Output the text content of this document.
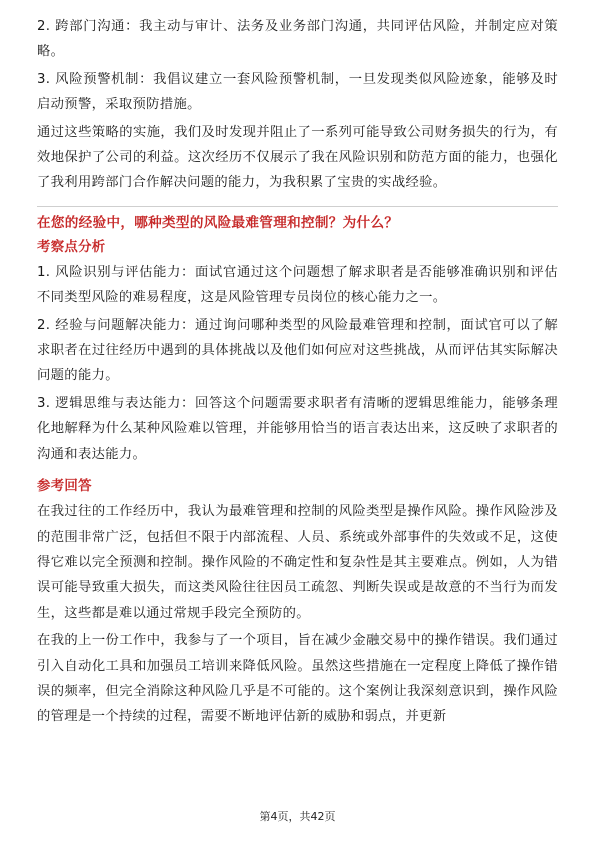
2. 跨部门沟通：我主动与审计、法务及业务部门沟通，共同评估风险，并制定应对策略。

3. 风险预警机制：我倡议建立一套风险预警机制，一旦发现类似风险迹象，能够及时启动预警，采取预防措施。

通过这些策略的实施，我们及时发现并阻止了一系列可能导致公司财务损失的行为，有效地保护了公司的利益。这次经历不仅展示了我在风险识别和防范方面的能力，也强化了我利用跨部门合作解决问题的能力，为我积累了宝贵的实战经验。

在您的经验中，哪种类型的风险最难管理和控制？为什么？
考察点分析

1. 风险识别与评估能力：面试官通过这个问题想了解求职者是否能够准确识别和评估不同类型风险的难易程度，这是风险管理专员岗位的核心能力之一。

2. 经验与问题解决能力：通过询问哪种类型的风险最难管理和控制，面试官可以了解求职者在过往经历中遇到的具体挑战以及他们如何应对这些挑战，从而评估其实际解决问题的能力。

3. 逻辑思维与表达能力：回答这个问题需要求职者有清晰的逻辑思维能力，能够条理化地解释为什么某种风险难以管理，并能够用恰当的语言表达出来，这反映了求职者的沟通和表达能力。

参考回答

在我过往的工作经历中，我认为最难管理和控制的风险类型是操作风险。操作风险涉及的范围非常广泛，包括但不限于内部流程、人员、系统或外部事件的失效或不足，这使得它难以完全预测和控制。操作风险的不确定性和复杂性是其主要难点。例如，人为错误可能导致重大损失，而这类风险往往因员工疏忽、判断失误或是故意的不当行为而发生，这些都是难以通过常规手段完全预防的。

在我的上一份工作中，我参与了一个项目，旨在减少金融交易中的操作错误。我们通过引入自动化工具和加强员工培训来降低风险。虽然这些措施在一定程度上降低了操作错误的频率，但完全消除这种风险几乎是不可能的。这个案例让我深刻意识到，操作风险的管理是一个持续的过程，需要不断地评估新的威胁和弱点，并更新

第4页，共42页
